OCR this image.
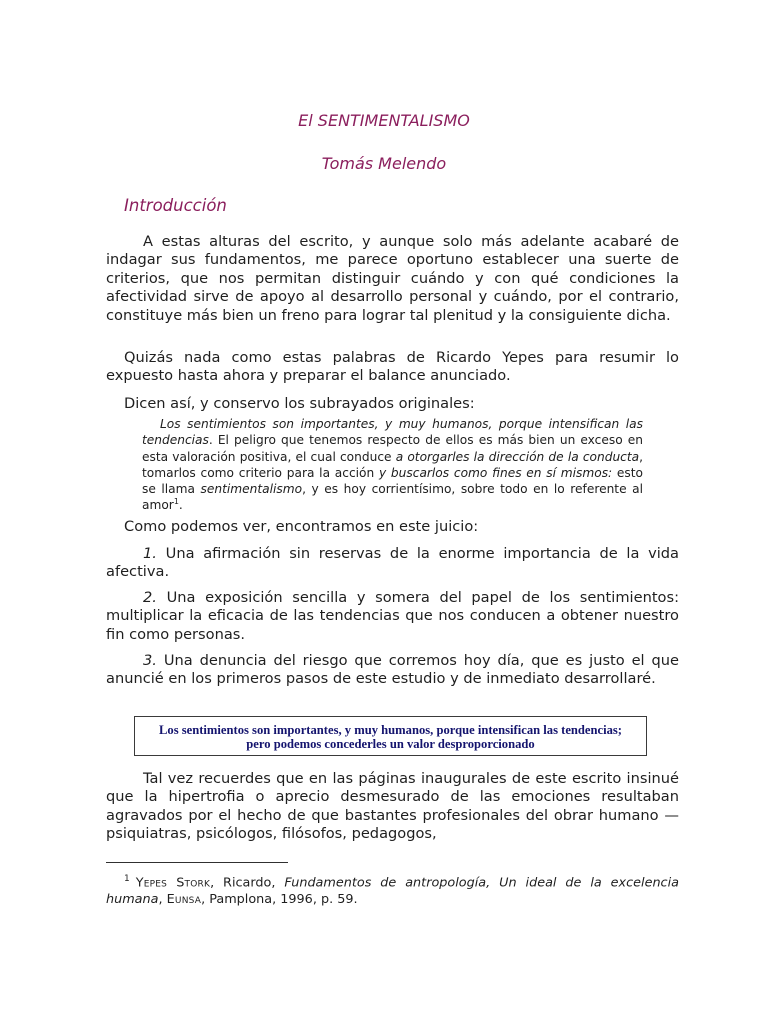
El SENTIMENTALISMO

Tomás Melendo

Introducción

A estas alturas del escrito, y aunque solo más adelante acabaré de indagar sus fundamentos, me parece oportuno establecer una suerte de criterios, que nos permitan distinguir cuándo y con qué condiciones la afectividad sirve de apoyo al desarrollo personal y cuándo, por el contrario, constituye más bien un freno para lograr tal plenitud y la consiguiente dicha.

Quizás nada como estas palabras de Ricardo Yepes para resumir lo expuesto hasta ahora y preparar el balance anunciado.

Dicen así, y conservo los subrayados originales:

Los sentimientos son importantes, y muy humanos, porque intensifican las tendencias. El peligro que tenemos respecto de ellos es más bien un exceso en esta valoración positiva, el cual conduce a otorgarles la dirección de la conducta, tomarlos como criterio para la acción y buscarlos como fines en sí mismos: esto se llama sentimentalismo, y es hoy corrientísimo, sobre todo en lo referente al amor$^1$.

Como podemos ver, encontramos en este juicio:

1. Una afirmación sin reservas de la enorme importancia de la vida afectiva.

2. Una exposición sencilla y somera del papel de los sentimientos: multiplicar la eficacia de las tendencias que nos conducen a obtener nuestro fin como personas.

3. Una denuncia del riesgo que corremos hoy día, que es justo el que anuncié en los primeros pasos de este estudio y de inmediato desarrollaré.

Los sentimientos son importantes, y muy humanos, porque intensifican las tendencias;
pero podemos concederles un valor desproporcionado

Tal vez recuerdes que en las páginas inaugurales de este escrito insinué que la hipertrofia o aprecio desmesurado de las emociones resultaban agravados por el hecho de que bastantes profesionales del obrar humano —psiquiatras, psicólogos, filósofos, pedagogos,

$^1$ Yepes Stork, Ricardo, Fundamentos de antropología, Un ideal de la excelencia humana, Eunsa, Pamplona, 1996, p. 59.
